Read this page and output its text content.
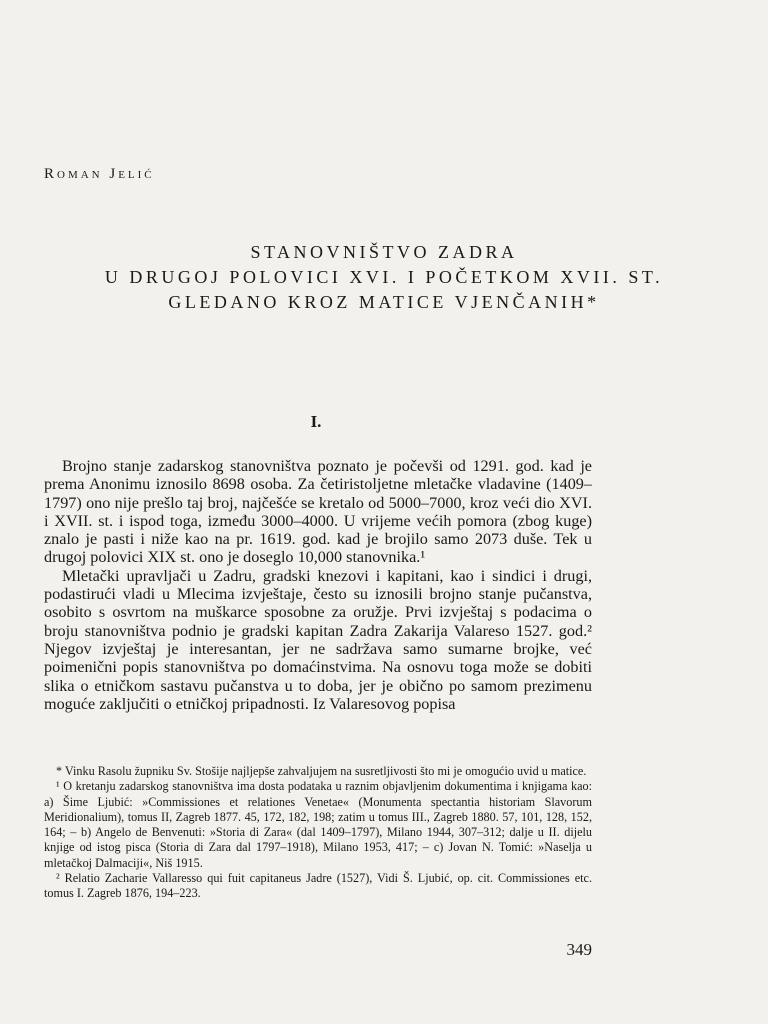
Roman Jelić
STANOVNIŠTVO ZADRA
U DRUGOJ POLOVICI XVI. I POČETKOM XVII. ST.
GLEDANO KROZ MATICE VJENČANIH*
I.

Brojno stanje zadarskog stanovništva poznato je počevši od 1291. god. kad je prema Anonimu iznosilo 8698 osoba. Za četiristoljetne mletačke vladavine (1409–1797) ono nije prešlo taj broj, najčešće se kretalo od 5000–7000, kroz veći dio XVI. i XVII. st. i ispod toga, između 3000–4000. U vrijeme većih pomora (zbog kuge) znalo je pasti i niže kao na pr. 1619. god. kad je brojilo samo 2073 duše. Tek u drugoj polovici XIX st. ono je doseglo 10,000 stanovnika.¹

Mletački upravljači u Zadru, gradski knezovi i kapitani, kao i sindici i drugi, podastirući vladi u Mlecima izvještaje, često su iznosili brojno stanje pučanstva, osobito s osvrtom na muškarce sposobne za oružje. Prvi izvještaj s podacima o broju stanovništva podnio je gradski kapitan Zadra Zakarija Valareso 1527. god.² Njegov izvještaj je interesantan, jer ne sadržava samo sumarne brojke, već poimenični popis stanovništva po domaćinstvima. Na osnovu toga može se dobiti slika o etničkom sastavu pučanstva u to doba, jer je obično po samom prezimenu moguće zaključiti o etničkoj pripadnosti. Iz Valaresovog popisa

* Vinku Rasolu župniku Sv. Stošije najljepše zahvaljujem na susretljivosti što mi je omogućio uvid u matice.

¹ O kretanju zadarskog stanovništva ima dosta podataka u raznim objavljenim dokumentima i knjigama kao: a) Šime Ljubić: »Commissiones et relationes Venetae« (Monumenta spectantia historiam Slavorum Meridionalium), tomus II, Zagreb 1877. 45, 172, 182, 198; zatim u tomus III., Zagreb 1880. 57, 101, 128, 152, 164; – b) Angelo de Benvenuti: »Storia di Zara« (dal 1409–1797), Milano 1944, 307–312; dalje u II. dijelu knjige od istog pisca (Storia di Zara dal 1797–1918), Milano 1953, 417; – c) Jovan N. Tomić: »Naselja u mletačkoj Dalmaciji«, Niš 1915.

² Relatio Zacharie Vallaresso qui fuit capitaneus Jadre (1527), Vidi Š. Ljubić, op. cit. Commissiones etc. tomus I. Zagreb 1876, 194–223.

349
